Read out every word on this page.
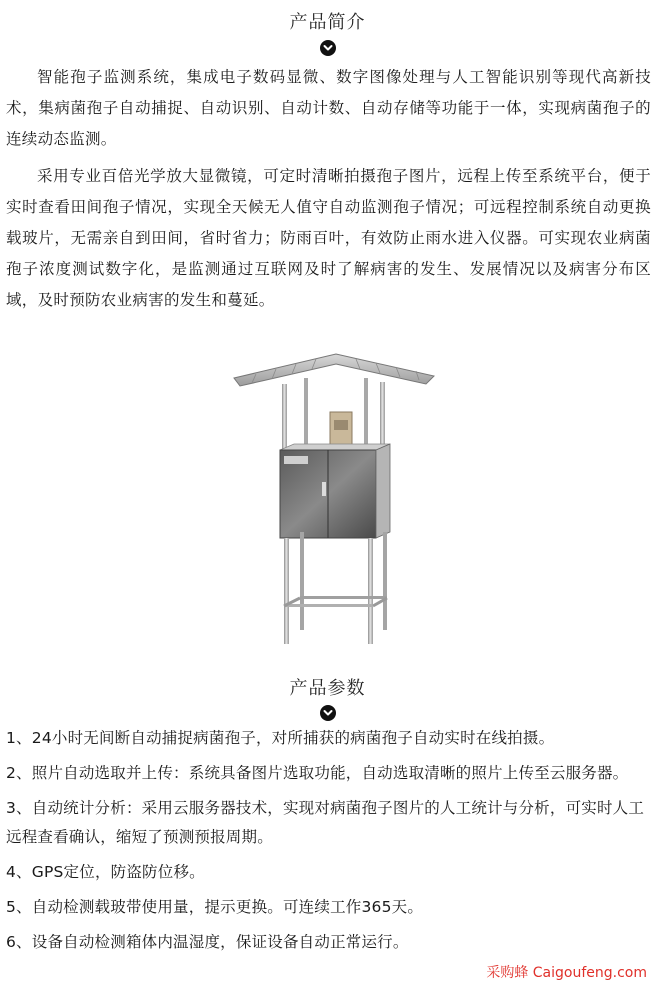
产品简介

智能孢子监测系统，集成电子数码显微、数字图像处理与人工智能识别等现代高新技术，集病菌孢子自动捕捉、自动识别、自动计数、自动存储等功能于一体，实现病菌孢子的连续动态监测。

采用专业百倍光学放大显微镜，可定时清晰拍摄孢子图片，远程上传至系统平台，便于实时查看田间孢子情况，实现全天候无人值守自动监测孢子情况；可远程控制系统自动更换载玻片，无需亲自到田间，省时省力；防雨百叶，有效防止雨水进入仪器。可实现农业病菌孢子浓度测试数字化，是监测通过互联网及时了解病害的发生、发展情况以及病害分布区域，及时预防农业病害的发生和蔓延。

产品参数
1、24小时无间断自动捕捉病菌孢子，对所捕获的病菌孢子自动实时在线拍摄。
2、照片自动选取并上传：系统具备图片选取功能，自动选取清晰的照片上传至云服务器。
3、自动统计分析：采用云服务器技术，实现对病菌孢子图片的人工统计与分析，可实时人工远程查看确认，缩短了预测预报周期。
4、GPS定位，防盗防位移。
5、自动检测载玻带使用量，提示更换。可连续工作365天。
6、设备自动检测箱体内温湿度，保证设备自动正常运行。
采购蜂 Caigoufeng.com
